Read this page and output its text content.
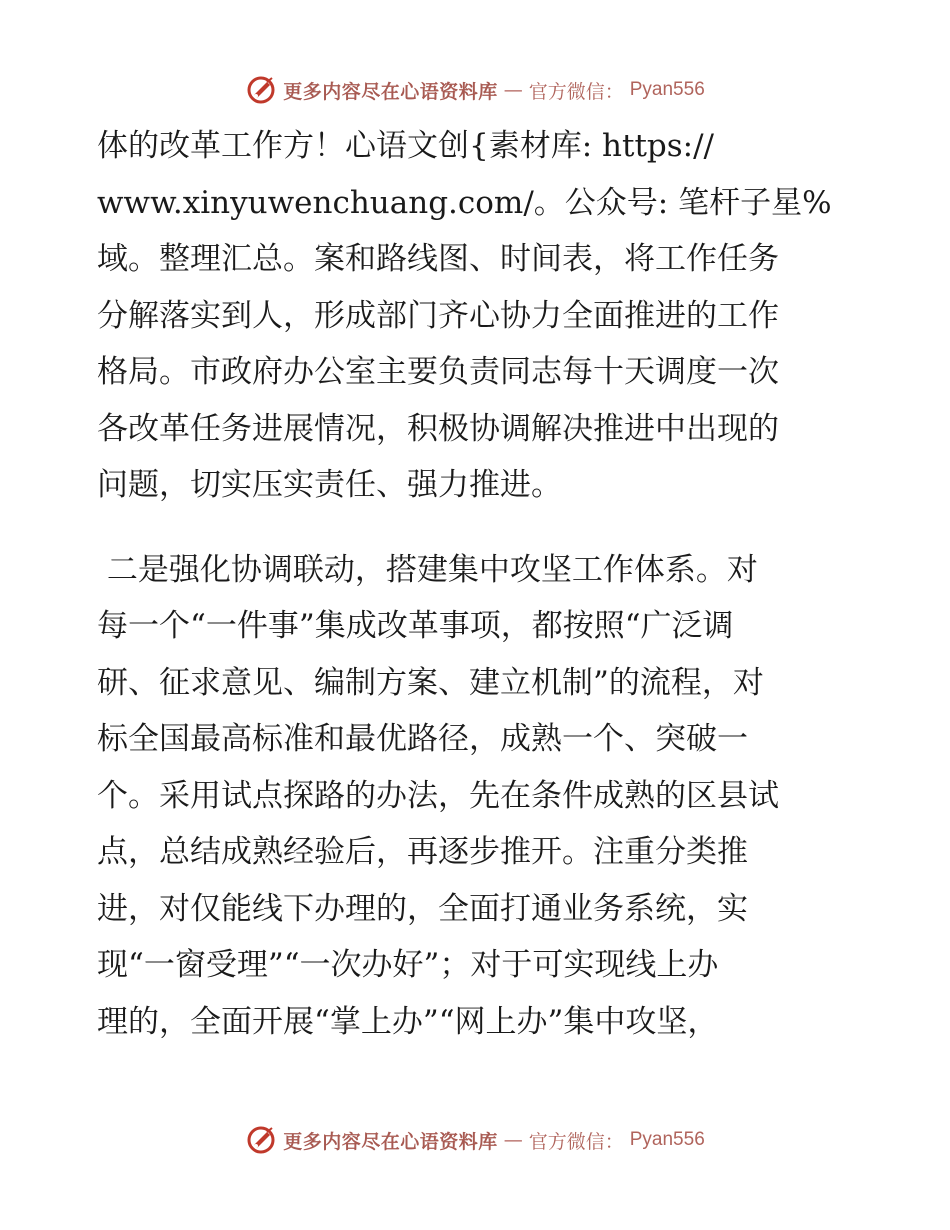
更多内容尽在心语资料库 — 官方微信： Pyan556
体的改革工作方！心语文创{素材库: https://
www.xinyuwenchuang.com/。公众号: 笔杆子星%
域。整理汇总。案和路线图、时间表，将工作任务
分解落实到人，形成部门齐心协力全面推进的工作
格局。市政府办公室主要负责同志每十天调度一次
各改革任务进展情况，积极协调解决推进中出现的
问题，切实压实责任、强力推进。
二是强化协调联动，搭建集中攻坚工作体系。对
每一个“一件事”集成改革事项，都按照“广泛调
研、征求意见、编制方案、建立机制”的流程，对
标全国最高标准和最优路径，成熟一个、突破一
个。采用试点探路的办法，先在条件成熟的区县试
点，总结成熟经验后，再逐步推开。注重分类推
进，对仅能线下办理的，全面打通业务系统，实
现“一窗受理”“一次办好”；对于可实现线上办
理的，全面开展“掌上办”“网上办”集中攻坚，
更多内容尽在心语资料库 — 官方微信： Pyan556
